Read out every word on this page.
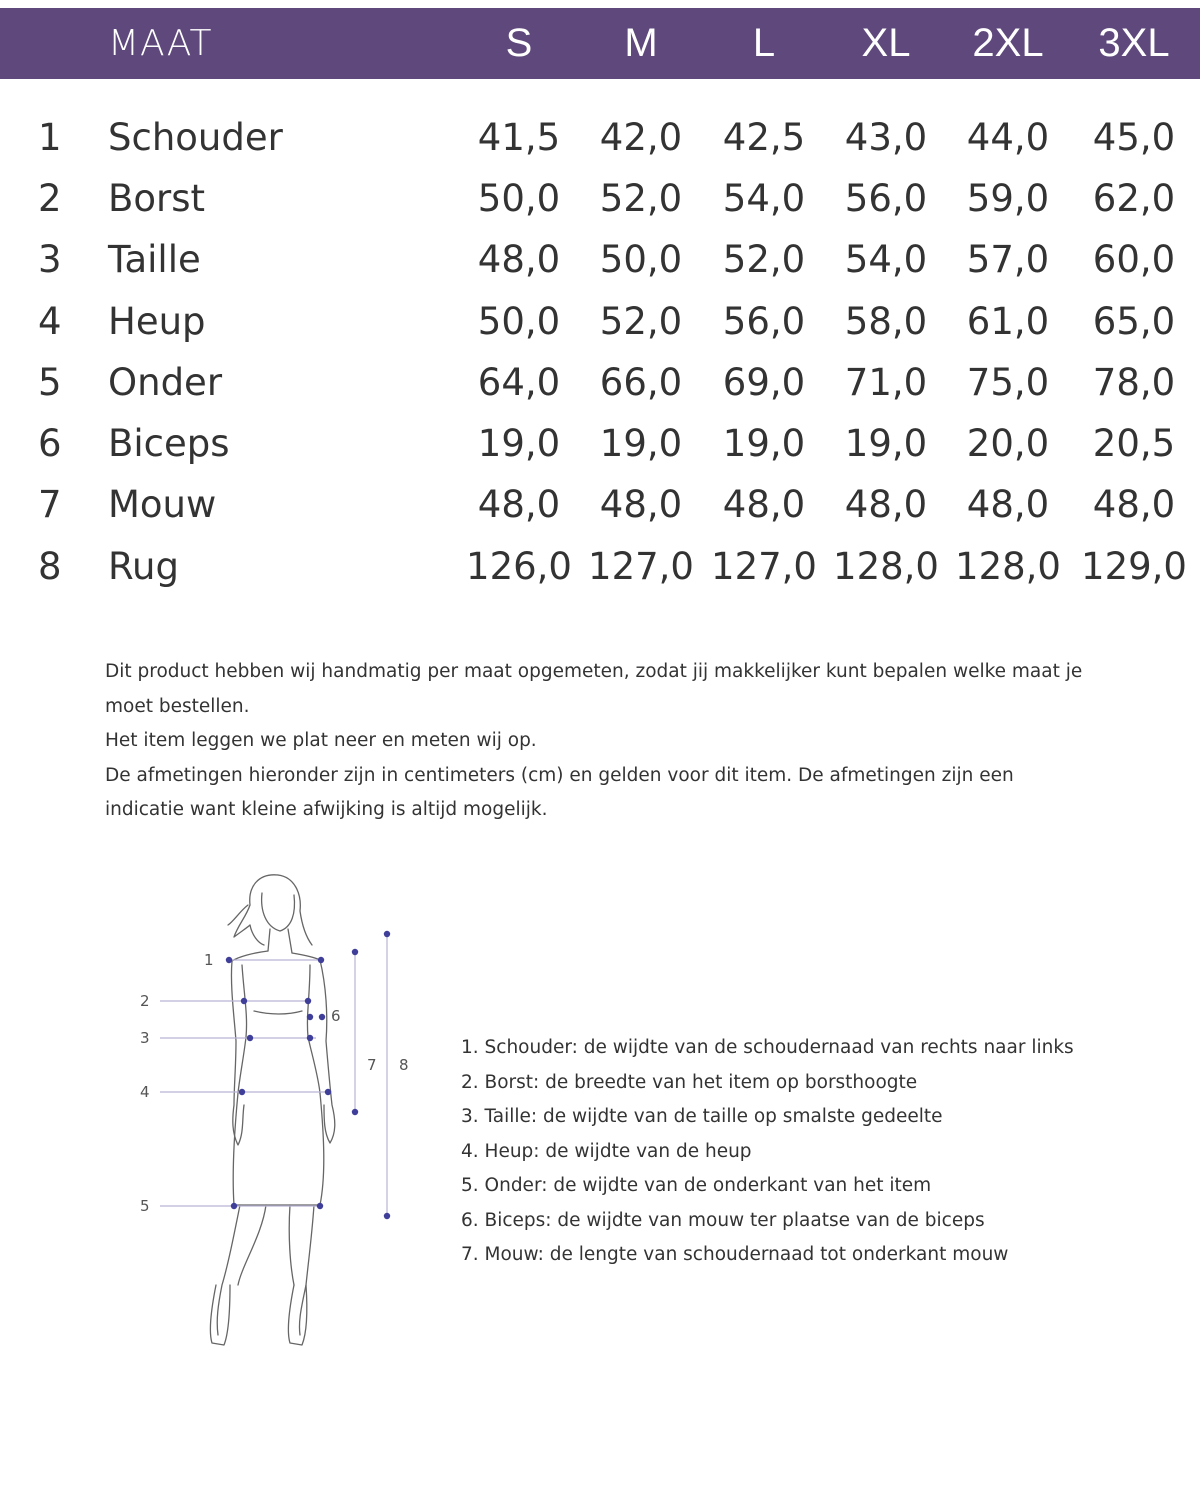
MAAT	S	M	L	XL	2XL	3XL
1 Schouder	41,5	42,0	42,5	43,0	44,0	45,0
2 Borst	50,0	52,0	54,0	56,0	59,0	62,0
3 Taille	48,0	50,0	52,0	54,0	57,0	60,0
4 Heup	50,0	52,0	56,0	58,0	61,0	65,0
5 Onder	64,0	66,0	69,0	71,0	75,0	78,0
6 Biceps	19,0	19,0	19,0	19,0	20,0	20,5
7 Mouw	48,0	48,0	48,0	48,0	48,0	48,0
8 Rug	126,0 127,0 127,0 128,0 128,0 129,0

Dit product hebben wij handmatig per maat opgemeten, zodat jij makkelijker kunt bepalen welke maat je moet bestellen.

Het item leggen we plat neer en meten wij op.

De afmetingen hieronder zijn in centimeters (cm) en gelden voor dit item. De afmetingen zijn een indicatie want kleine afwijking is altijd mogelijk.

1
2
3
4
5
6
7 8
1. Schouder: de wijdte van de schoudernaad van rechts naar links
2. Borst: de breedte van het item op borsthoogte
3. Taille: de wijdte van de taille op smalste gedeelte
4. Heup: de wijdte van de heup
5. Onder: de wijdte van de onderkant van het item
6. Biceps: de wijdte van mouw ter plaatse van de biceps
7. Mouw: de lengte van schoudernaad tot onderkant mouw
